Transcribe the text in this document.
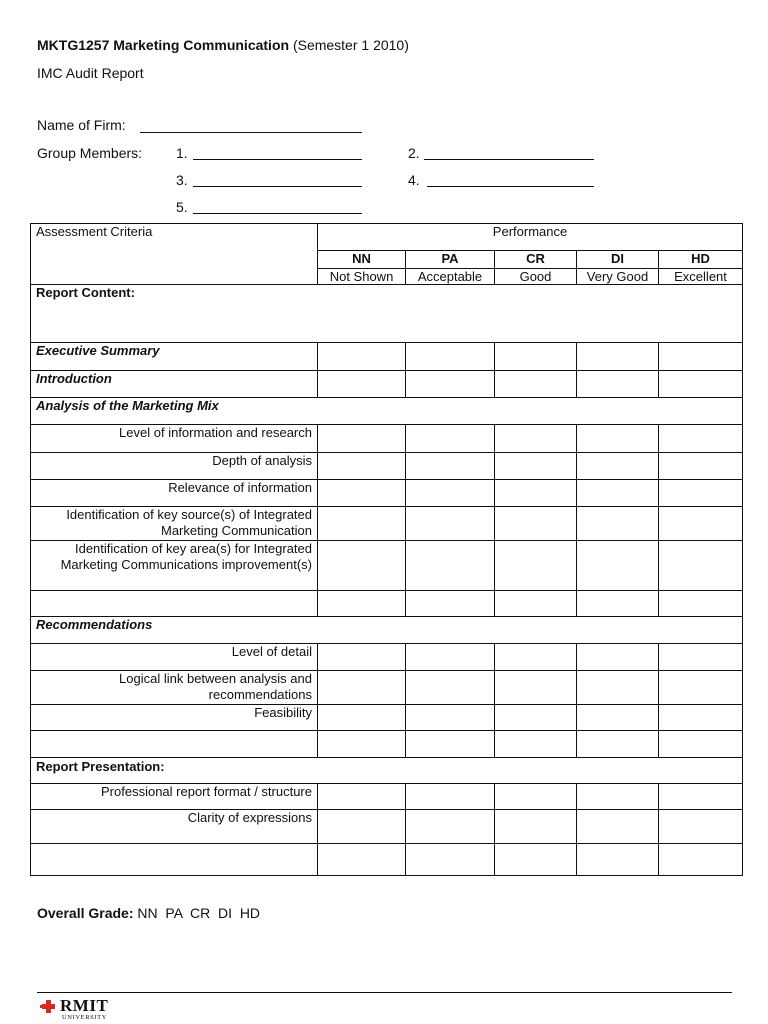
MKTG1257 Marketing Communication (Semester 1 2010)
IMC Audit Report
Name of Firm:
Group Members: 1.	2.
3.	4.
5.
Assessment Criteria	Performance				
	NN	PA	CR	DI	HD
	Not Shown	Acceptable	Good	Very Good	Excellent
Report Content:					
Executive Summary					
Introduction					
Analysis of the Marketing Mix					
Level of information and research					
Depth of analysis					
Relevance of information					
Identification of key source(s) of Integrated Marketing Communication					
Identification of key area(s) for Integrated Marketing Communications improvement(s)					

Recommendations					
Level of detail					
Logical link between analysis and recommendations					
Feasibility					

Report Presentation:					
Professional report format / structure					
Clarity of expressions					

Overall Grade: NN  PA  CR  DI  HD
RMIT
UNIVERSITY
